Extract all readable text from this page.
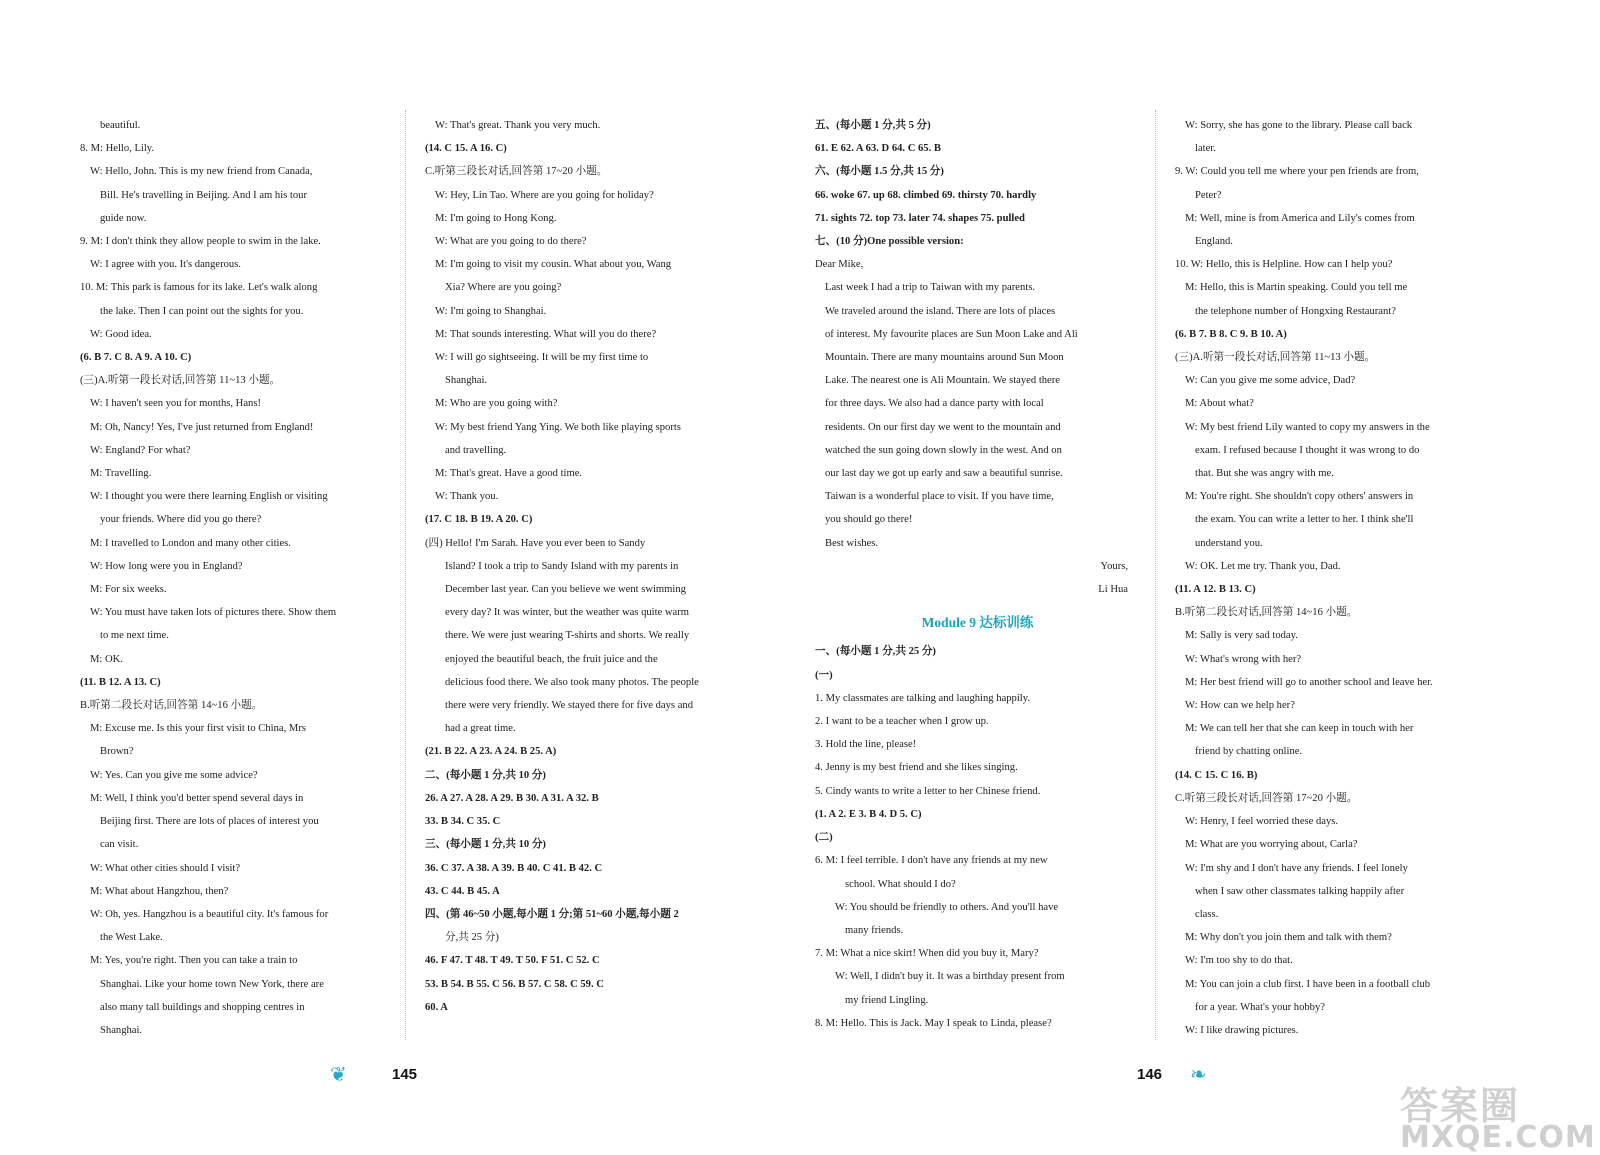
beautiful.
8. M: Hello, Lily.
W: Hello, John. This is my new friend from Canada,
Bill. He's travelling in Beijing. And I am his tour
guide now.
9. M: I don't think they allow people to swim in the lake.
W: I agree with you. It's dangerous.
10. M: This park is famous for its lake. Let's walk along
the lake. Then I can point out the sights for you.
W: Good idea.
(6. B 7. C 8. A 9. A 10. C)
(三)A.听第一段长对话,回答第 11~13 小题。
W: I haven't seen you for months, Hans!
M: Oh, Nancy! Yes, I've just returned from England!
W: England? For what?
M: Travelling.
W: I thought you were there learning English or visiting
your friends. Where did you go there?
M: I travelled to London and many other cities.
W: How long were you in England?
M: For six weeks.
W: You must have taken lots of pictures there. Show them
to me next time.
M: OK.
(11. B 12. A 13. C)
B.听第二段长对话,回答第 14~16 小题。
M: Excuse me. Is this your first visit to China, Mrs
Brown?
W: Yes. Can you give me some advice?
M: Well, I think you'd better spend several days in
Beijing first. There are lots of places of interest you
can visit.
W: What other cities should I visit?
M: What about Hangzhou, then?
W: Oh, yes. Hangzhou is a beautiful city. It's famous for
the West Lake.
M: Yes, you're right. Then you can take a train to
Shanghai. Like your home town New York, there are
also many tall buildings and shopping centres in
Shanghai.
W: That's great. Thank you very much.
(14. C 15. A 16. C)
C.听第三段长对话,回答第 17~20 小题。
W: Hey, Lin Tao. Where are you going for holiday?
M: I'm going to Hong Kong.
W: What are you going to do there?
M: I'm going to visit my cousin. What about you, Wang
Xia? Where are you going?
W: I'm going to Shanghai.
M: That sounds interesting. What will you do there?
W: I will go sightseeing. It will be my first time to
Shanghai.
M: Who are you going with?
W: My best friend Yang Ying. We both like playing sports
and travelling.
M: That's great. Have a good time.
W: Thank you.
(17. C 18. B 19. A 20. C)
(四) Hello! I'm Sarah. Have you ever been to Sandy
Island? I took a trip to Sandy Island with my parents in
December last year. Can you believe we went swimming
every day? It was winter, but the weather was quite warm
there. We were just wearing T-shirts and shorts. We really
enjoyed the beautiful beach, the fruit juice and the
delicious food there. We also took many photos. The people
there were very friendly. We stayed there for five days and
had a great time.
(21. B 22. A 23. A 24. B 25. A)
二、(每小题 1 分,共 10 分)
26. A 27. A 28. A 29. B 30. A 31. A 32. B
33. B 34. C 35. C
三、(每小题 1 分,共 10 分)
36. C 37. A 38. A 39. B 40. C 41. B 42. C
43. C 44. B 45. A
四、(第 46~50 小题,每小题 1 分;第 51~60 小题,每小题 2
分,共 25 分)
46. F 47. T 48. T 49. T 50. F 51. C 52. C
53. B 54. B 55. C 56. B 57. C 58. C 59. C
60. A
五、(每小题 1 分,共 5 分)
61. E 62. A 63. D 64. C 65. B
六、(每小题 1.5 分,共 15 分)
66. woke 67. up 68. climbed 69. thirsty 70. hardly
71. sights 72. top 73. later 74. shapes 75. pulled
七、(10 分)One possible version:
Dear Mike,
Last week I had a trip to Taiwan with my parents.
We traveled around the island. There are lots of places
of interest. My favourite places are Sun Moon Lake and Ali
Mountain. There are many mountains around Sun Moon
Lake. The nearest one is Ali Mountain. We stayed there
for three days. We also had a dance party with local
residents. On our first day we went to the mountain and
watched the sun going down slowly in the west. And on
our last day we got up early and saw a beautiful sunrise.
Taiwan is a wonderful place to visit. If you have time,
you should go there!
Best wishes.
Yours,
Li Hua
Module 9 达标训练
一、(每小题 1 分,共 25 分)
(一)
1. My classmates are talking and laughing happily.
2. I want to be a teacher when I grow up.
3. Hold the line, please!
4. Jenny is my best friend and she likes singing.
5. Cindy wants to write a letter to her Chinese friend.
(1. A 2. E 3. B 4. D 5. C)
(二)
6. M: I feel terrible. I don't have any friends at my new
school. What should I do?
W: You should be friendly to others. And you'll have
many friends.
7. M: What a nice skirt! When did you buy it, Mary?
W: Well, I didn't buy it. It was a birthday present from
my friend Lingling.
8. M: Hello. This is Jack. May I speak to Linda, please?
W: Sorry, she has gone to the library. Please call back
later.
9. W: Could you tell me where your pen friends are from,
Peter?
M: Well, mine is from America and Lily's comes from
England.
10. W: Hello, this is Helpline. How can I help you?
M: Hello, this is Martin speaking. Could you tell me
the telephone number of Hongxing Restaurant?
(6. B 7. B 8. C 9. B 10. A)
(三)A.听第一段长对话,回答第 11~13 小题。
W: Can you give me some advice, Dad?
M: About what?
W: My best friend Lily wanted to copy my answers in the
exam. I refused because I thought it was wrong to do
that. But she was angry with me.
M: You're right. She shouldn't copy others' answers in
the exam. You can write a letter to her. I think she'll
understand you.
W: OK. Let me try. Thank you, Dad.
(11. A 12. B 13. C)
B.听第二段长对话,回答第 14~16 小题。
M: Sally is very sad today.
W: What's wrong with her?
M: Her best friend will go to another school and leave her.
W: How can we help her?
M: We can tell her that she can keep in touch with her
friend by chatting online.
(14. C 15. C 16. B)
C.听第三段长对话,回答第 17~20 小题。
W: Henry, I feel worried these days.
M: What are you worrying about, Carla?
W: I'm shy and I don't have any friends. I feel lonely
when I saw other classmates talking happily after
class.
M: Why don't you join them and talk with them?
W: I'm too shy to do that.
M: You can join a club first. I have been in a football club
for a year. What's your hobby?
W: I like drawing pictures.
❦	145	146 ❧
答案圈
MXQE.COM
